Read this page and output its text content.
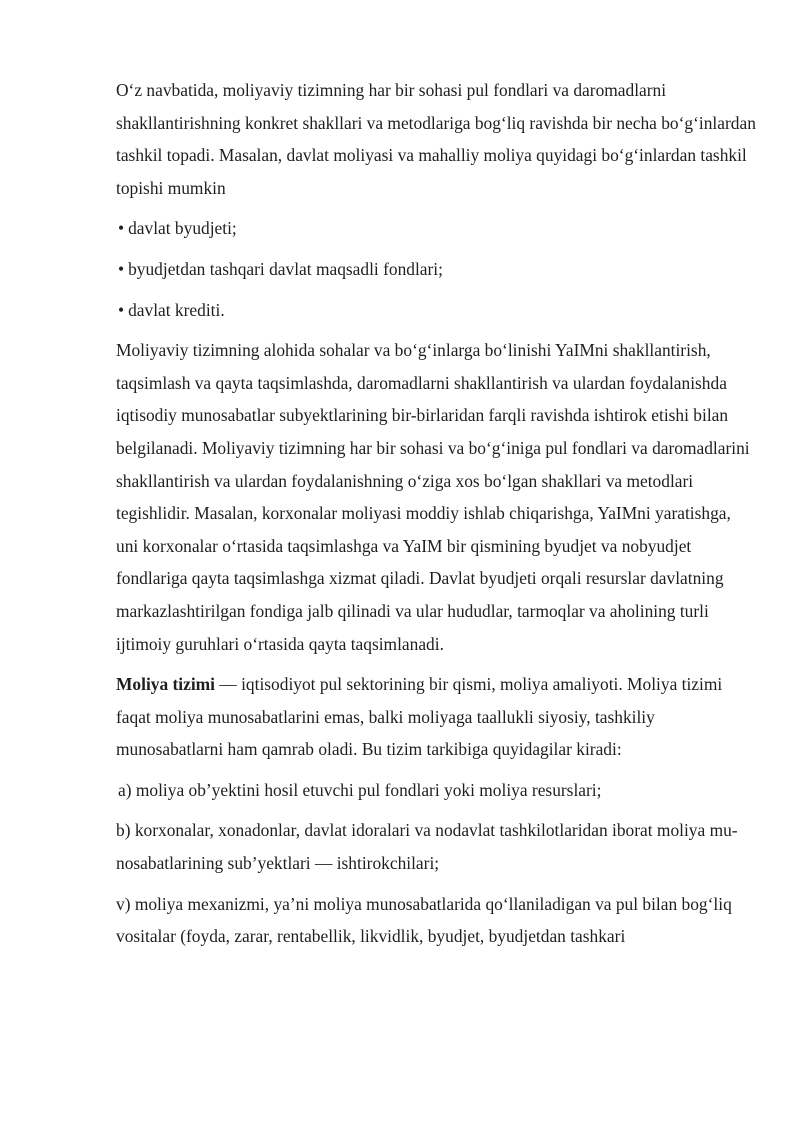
O‘z navbatida, moliyaviy tizimning har bir sohasi pul fondlari va daromadlarni shakllantirishning konkret shakllari va metodlariga bog‘liq ravishda bir necha bo‘g‘inlardan tashkil topadi. Masalan, davlat moliyasi va mahalliy moliya quyidagi bo‘g‘inlardan tashkil topishi mumkin

• davlat byudjeti;
• byudjetdan tashqari davlat maqsadli fondlari;
• davlat krediti.

Moliyaviy tizimning alohida sohalar va bo‘g‘inlarga bo‘linishi YaIMni shakllantirish, taqsimlash va qayta taqsimlashda, daromadlarni shakllantirish va ulardan foydalanishda iqtisodiy munosabatlar subyektlarining bir-birlaridan farqli ravishda ishtirok etishi bilan belgilanadi. Moliyaviy tizimning har bir sohasi va bo‘g‘iniga pul fondlari va daromadlarini shakllantirish va ulardan foydalanishning o‘ziga xos bo‘lgan shakllari va metodlari tegishlidir. Masalan, korxonalar moliyasi moddiy ishlab chiqarishga, YaIMni yaratishga, uni korxonalar o‘rtasida taqsimlashga va YaIM bir qismining byudjet va nobyudjet fondlariga qayta taqsimlashga xizmat qiladi. Davlat byudjeti orqali resurslar davlatning markazlashtirilgan fondiga jalb qilinadi va ular hududlar, tarmoqlar va aholining turli ijtimoiy guruhlari o‘rtasida qayta taqsimlanadi.

Moliya tizimi — iqtisodiyot pul sektorining bir qismi, moliya amaliyoti. Moliya tizimi faqat moliya munosabatlarini emas, balki moliyaga taallukli siyosiy, tashkiliy munosabatlarni ham qamrab oladi. Bu tizim tarkibiga quyidagilar kiradi:

a) moliya ob’yektini hosil etuvchi pul fondlari yoki moliya resurslari;

b) korxonalar, xonadonlar, davlat idoralari va nodavlat tashkilotlaridan iborat moliya mu-nosabatlarining sub’yektlari — ishtirokchilari;

v) moliya mexanizmi, ya’ni moliya munosabatlarida qo‘llaniladigan va pul bilan bog‘liq vositalar (foyda, zarar, rentabellik, likvidlik, byudjet, byudjetdan tashkari
